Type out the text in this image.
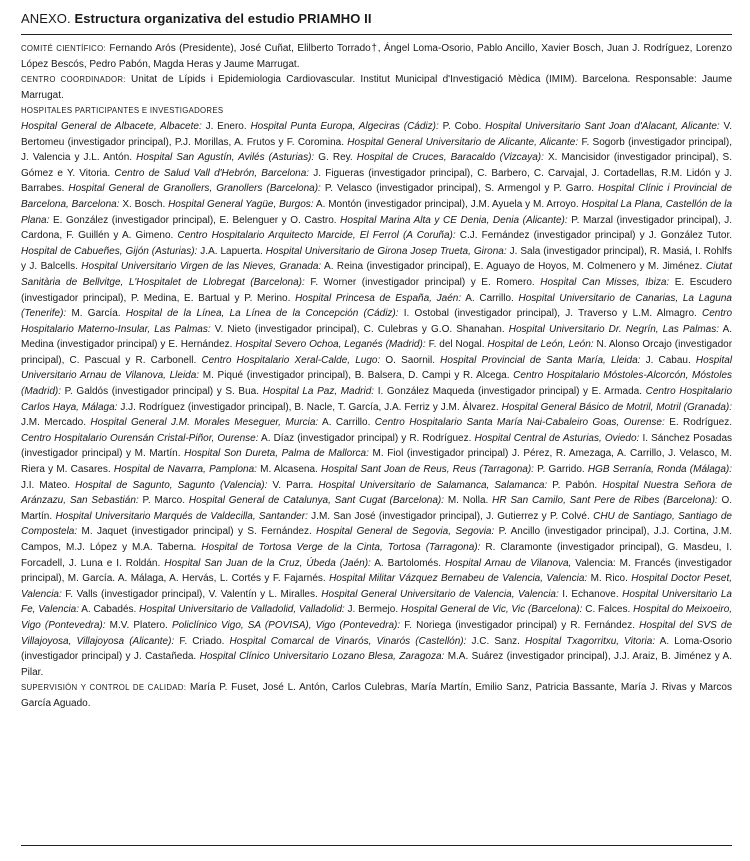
ANEXO. Estructura organizativa del estudio PRIAMHO II

COMITÉ CIENTÍFICO: Fernando Arós (Presidente), José Cuñat, Elilberto Torrado†, Ángel Loma-Osorio, Pablo Ancillo, Xavier Bosch, Juan J. Rodríguez, Lorenzo López Bescós, Pedro Pabón, Magda Heras y Jaume Marrugat.

CENTRO COORDINADOR: Unitat de Lípids i Epidemiologia Cardiovascular. Institut Municipal d'Investigació Mèdica (IMIM). Barcelona. Responsable: Jaume Marrugat.

HOSPITALES PARTICIPANTES E INVESTIGADORES
Hospital General de Albacete, Albacete: J. Enero. Hospital Punta Europa, Algeciras (Cádiz): P. Cobo. Hospital Universitario Sant Joan d'Alacant, Alicante: V. Bertomeu (investigador principal), P.J. Morillas, A. Frutos y F. Coromina. Hospital General Universitario de Alicante, Alicante: F. Sogorb (investigador principal), J. Valencia y J.L. Antón. Hospital San Agustín, Avilés (Asturias): G. Rey. Hospital de Cruces, Baracaldo (Vizcaya): X. Mancisidor (investigador principal), S. Gómez e Y. Vitoria. Centro de Salud Vall d'Hebrón, Barcelona: J. Figueras (investigador principal), C. Barbero, C. Carvajal, J. Cortadellas, R.M. Lidón y J. Barrabes. Hospital General de Granollers, Granollers (Barcelona): P. Velasco (investigador principal), S. Armengol y P. Garro. Hospital Clínic i Provincial de Barcelona, Barcelona: X. Bosch. Hospital General Yagüe, Burgos: A. Montón (investigador principal), J.M. Ayuela y M. Arroyo. Hospital La Plana, Castellón de la Plana: E. González (investigador principal), E. Belenguer y O. Castro. Hospital Marina Alta y CE Denia, Denia (Alicante): P. Marzal (investigador principal), J. Cardona, F. Guillén y A. Gimeno. Centro Hospitalario Arquitecto Marcide, El Ferrol (A Coruña): C.J. Fernández (investigador principal) y J. González Tutor. Hospital de Cabueñes, Gijón (Asturias): J.A. Lapuerta. Hospital Universitario de Girona Josep Trueta, Girona: J. Sala (investigador principal), R. Masiá, I. Rohlfs y J. Balcells. Hospital Universitario Virgen de las Nieves, Granada: A. Reina (investigador principal), E. Aguayo de Hoyos, M. Colmenero y M. Jiménez. Ciutat Sanitària de Bellvitge, L'Hospitalet de Llobregat (Barcelona): F. Worner (investigador principal) y E. Romero. Hospital Can Misses, Ibiza: E. Escudero (investigador principal), P. Medina, E. Bartual y P. Merino. Hospital Princesa de España, Jaén: A. Carrillo. Hospital Universitario de Canarias, La Laguna (Tenerife): M. García. Hospital de la Línea, La Línea de la Concepción (Cádiz): I. Ostobal (investigador principal), J. Traverso y L.M. Almagro. Centro Hospitalario Materno-Insular, Las Palmas: V. Nieto (investigador principal), C. Culebras y G.O. Shanahan. Hospital Universitario Dr. Negrín, Las Palmas: A. Medina (investigador principal) y E. Hernández. Hospital Severo Ochoa, Leganés (Madrid): F. del Nogal. Hospital de León, León: N. Alonso Orcajo (investigador principal), C. Pascual y R. Carbonell. Centro Hospitalario Xeral-Calde, Lugo: O. Saornil. Hospital Provincial de Santa María, Lleida: J. Cabau. Hospital Universitario Arnau de Vilanova, Lleida: M. Piqué (investigador principal), B. Balsera, D. Campi y R. Alcega. Centro Hospitalario Móstoles-Alcorcón, Móstoles (Madrid): P. Galdós (investigador principal) y S. Bua. Hospital La Paz, Madrid: I. González Maqueda (investigador principal) y E. Armada. Centro Hospitalario Carlos Haya, Málaga: J.J. Rodríguez (investigador principal), B. Nacle, T. García, J.A. Ferriz y J.M. Álvarez. Hospital General Básico de Motril, Motril (Granada): J.M. Mercado. Hospital General J.M. Morales Meseguer, Murcia: A. Carrillo. Centro Hospitalario Santa María Nai-Cabaleiro Goas, Ourense: E. Rodríguez. Centro Hospitalario Ourensán Cristal-Piñor, Ourense: A. Díaz (investigador principal) y R. Rodríguez. Hospital Central de Asturias, Oviedo: I. Sánchez Posadas (investigador principal) y M. Martín. Hospital Son Dureta, Palma de Mallorca: M. Fiol (investigador principal) J. Pérez, R. Amezaga, A. Carrillo, J. Velasco, M. Riera y M. Casares. Hospital de Navarra, Pamplona: M. Alcasena. Hospital Sant Joan de Reus, Reus (Tarragona): P. Garrido. HGB Serranía, Ronda (Málaga): J.I. Mateo. Hospital de Sagunto, Sagunto (Valencia): V. Parra. Hospital Universitario de Salamanca, Salamanca: P. Pabón. Hospital Nuestra Señora de Aránzazu, San Sebastián: P. Marco. Hospital General de Catalunya, Sant Cugat (Barcelona): M. Nolla. HR San Camilo, Sant Pere de Ribes (Barcelona): O. Martín. Hospital Universitario Marqués de Valdecilla, Santander: J.M. San José (investigador principal), J. Gutierrez y P. Colvé. CHU de Santiago, Santiago de Compostela: M. Jaquet (investigador principal) y S. Fernández. Hospital General de Segovia, Segovia: P. Ancillo (investigador principal), J.J. Cortina, J.M. Campos, M.J. López y M.A. Taberna. Hospital de Tortosa Verge de la Cinta, Tortosa (Tarragona): R. Claramonte (investigador principal), G. Masdeu, I. Forcadell, J. Luna e I. Roldán. Hospital San Juan de la Cruz, Úbeda (Jaén): A. Bartolomés. Hospital Arnau de Vilanova, Valencia: M. Francés (investigador principal), M. García. A. Málaga, A. Hervás, L. Cortés y F. Fajarnés. Hospital Militar Vázquez Bernabeu de Valencia, Valencia: M. Rico. Hospital Doctor Peset, Valencia: F. Valls (investigador principal), V. Valentín y L. Miralles. Hospital General Universitario de Valencia, Valencia: I. Echanove. Hospital Universitario La Fe, Valencia: A. Cabadés. Hospital Universitario de Valladolid, Valladolid: J. Bermejo. Hospital General de Vic, Vic (Barcelona): C. Falces. Hospital do Meixoeiro, Vigo (Pontevedra): M.V. Platero. Policlínico Vigo, SA (POVISA), Vigo (Pontevedra): F. Noriega (investigador principal) y R. Fernández. Hospital del SVS de Villajoyosa, Villajoyosa (Alicante): F. Criado. Hospital Comarcal de Vinarós, Vinarós (Castellón): J.C. Sanz. Hospital Txagorritxu, Vitoria: A. Loma-Osorio (investigador principal) y J. Castañeda. Hospital Clínico Universitario Lozano Blesa, Zaragoza: M.A. Suárez (investigador principal), J.J. Araiz, B. Jiménez y A. Pilar.

SUPERVISIÓN Y CONTROL DE CALIDAD: María P. Fuset, José L. Antón, Carlos Culebras, María Martín, Emilio Sanz, Patricia Bassante, María J. Rivas y Marcos García Aguado.
